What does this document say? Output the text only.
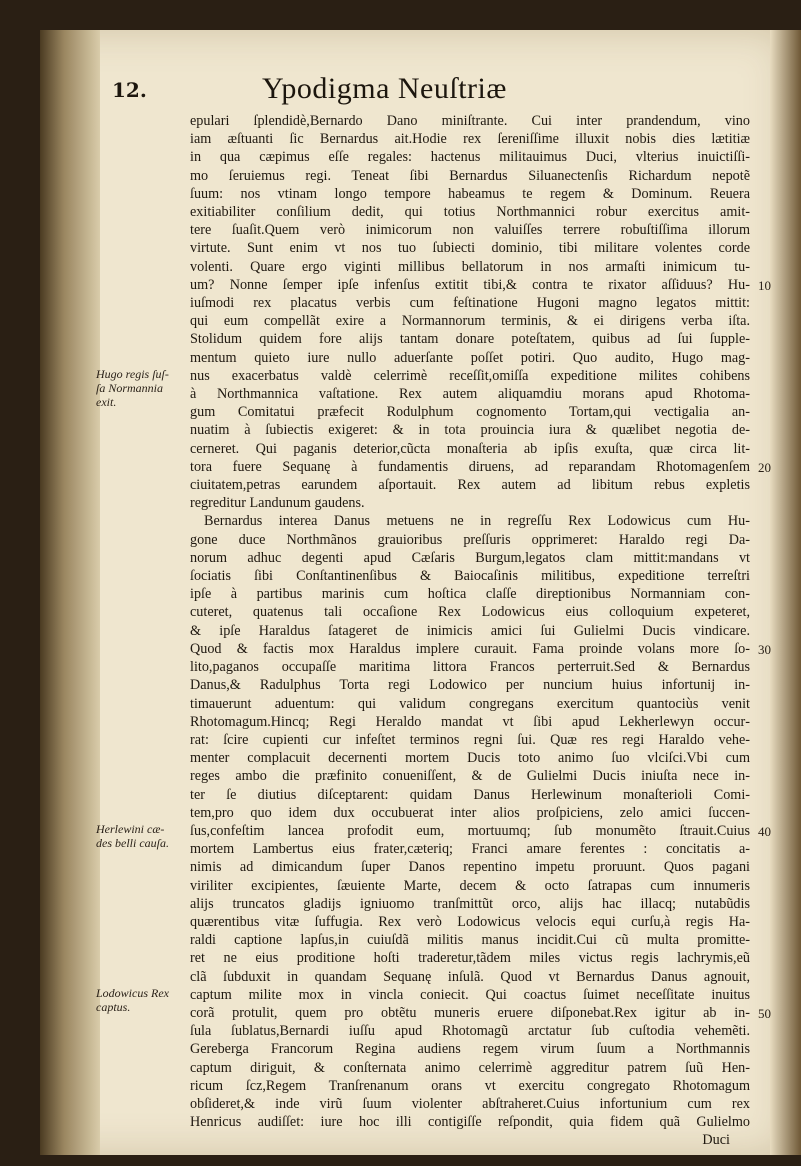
12.	Ypodigma Neuſtriæ
epulari ſplendidè,Bernardo Dano miniſtrante. Cui inter prandendum, vino
iam æſtuanti ſic Bernardus ait.Hodie rex ſereniſſime illuxit nobis dies lætitiæ
in qua cæpimus eſſe regales: hactenus militauimus Duci, vlterius inuictiſſi‑
mo ſeruiemus regi. Teneat ſibi Bernardus Siluanectenſis Richardum nepotẽ
ſuum: nos vtinam longo tempore habeamus te regem & Dominum. Reuera
exitiabiliter conſilium dedit, qui totius Northmannici robur exercitus amit‑
tere ſuaſit.Quem verò inimicorum non valuiſſes terrere robuſtiſſima illorum
virtute. Sunt enim vt nos tuo ſubiecti dominio, tibi militare volentes corde
volenti. Quare ergo viginti millibus bellatorum in nos armaſti inimicum tu‑
um? Nonne ſemper ipſe infenſus extitit tibi,& contra te rixator aſſiduus? Hu‑
iuſmodi rex placatus verbis cum feſtinatione Hugoni magno legatos mittit:
qui eum compellãt exire a Normannorum terminis, & ei dirigens verba iſta.
Stolidum quidem fore alijs tantam donare poteſtatem, quibus ad ſui ſupple‑
mentum quieto iure nullo aduerſante poſſet potiri. Quo audito, Hugo mag‑
nus exacerbatus valdè celerrimè receſſit,omiſſa expeditione milites cohibens
à Northmannica vaſtatione. Rex autem aliquamdiu morans apud Rhotoma‑
gum Comitatui præfecit Rodulphum cognomento Tortam,qui vectigalia an‑
nuatim à ſubiectis exigeret: & in tota prouincia iura & quælibet negotia de‑
cerneret. Qui paganis deterior,cũcta monaſteria ab ipſis exuſta, quæ circa lit‑
tora fuere Sequanę à fundamentis diruens, ad reparandam Rhotomagenſem
ciuitatem,petras earundem aſportauit. Rex autem ad libitum rebus expletis
regreditur Landunum gaudens.
Bernardus interea Danus metuens ne in regreſſu Rex Lodowicus cum Hu‑
gone duce Northmãnos grauioribus preſſuris opprimeret: Haraldo regi Da‑
norum adhuc degenti apud Cæſaris Burgum,legatos clam mittit:mandans vt
ſociatis ſibi Conſtantinenſibus & Baiocaſinis militibus, expeditione terreſtri
ipſe à partibus marinis cum hoſtica claſſe direptionibus Normanniam con‑
cuteret, quatenus tali occaſione Rex Lodowicus eius colloquium expeteret,
& ipſe Haraldus ſatageret de inimicis amici ſui Gulielmi Ducis vindicare.
Quod & factis mox Haraldus implere curauit. Fama proinde volans more ſo‑
lito,paganos occupaſſe maritima littora Francos perterruit.Sed & Bernardus
Danus,& Radulphus Torta regi Lodowico per nuncium huius infortunij in‑
timauerunt aduentum: qui validum congregans exercitum quantociùs venit
Rhotomagum.Hincq; Regi Heraldo mandat vt ſibi apud Lekherlewyn occur‑
rat: ſcire cupienti cur infeſtet terminos regni ſui. Quæ res regi Haraldo vehe‑
menter complacuit decernenti mortem Ducis toto animo ſuo vlciſci.Vbi cum
reges ambo die præfinito conueniſſent, & de Gulielmi Ducis iniuſta nece in‑
ter ſe diutius diſceptarent: quidam Danus Herlewinum monaſterioli Comi‑
tem,pro quo idem dux occubuerat inter alios proſpiciens, zelo amici ſuccen‑
ſus,confeſtim lancea profodit eum, mortuumq; ſub monumẽto ſtrauit.Cuius
mortem Lambertus eius frater,cæteriq; Franci amare ferentes : concitatis a‑
nimis ad dimicandum ſuper Danos repentino impetu proruunt. Quos pagani
viriliter excipientes, ſæuiente Marte, decem & octo ſatrapas cum innumeris
alijs truncatos gladijs igniuomo tranſmittũt orco, alijs hac illacq; nutabũdis
quærentibus vitæ ſuffugia. Rex verò Lodowicus velocis equi curſu,à regis Ha‑
raldi captione lapſus,in cuiuſdã militis manus incidit.Cui cũ multa promitte‑
ret ne eius proditione hoſti traderetur,tãdem miles victus regis lachrymis,eũ
clã ſubduxit in quandam Sequanę inſulã. Quod vt Bernardus Danus agnouit,
captum milite mox in vincla coniecit. Qui coactus ſuimet neceſſitate inuitus
corã protulit, quem pro obtẽtu muneris eruere diſponebat.Rex igitur ab in‑
ſula ſublatus,Bernardi iuſſu apud Rhotomagũ arctatur ſub cuſtodia vehemẽti.
Gereberga Francorum Regina audiens regem virum ſuum a Northmannis
captum diriguit, & conſternata animo celerrimè aggreditur patrem ſuũ Hen‑
ricum ſcz,Regem Tranſrenanum orans vt exercitu congregato Rhotomagum
obſideret,& inde virũ ſuum violenter abſtraheret.Cuius infortunium cum rex
Henricus audiſſet: iure hoc illi contigiſſe reſpondit, quia fidem quã Gulielmo
Duci
Hugo regis ſuſ‑
ſa Normannia
exit.
Herlewini cæ‑
des belli cauſa.
10
20
30
40
Lodowicus Rex
captus.	50
